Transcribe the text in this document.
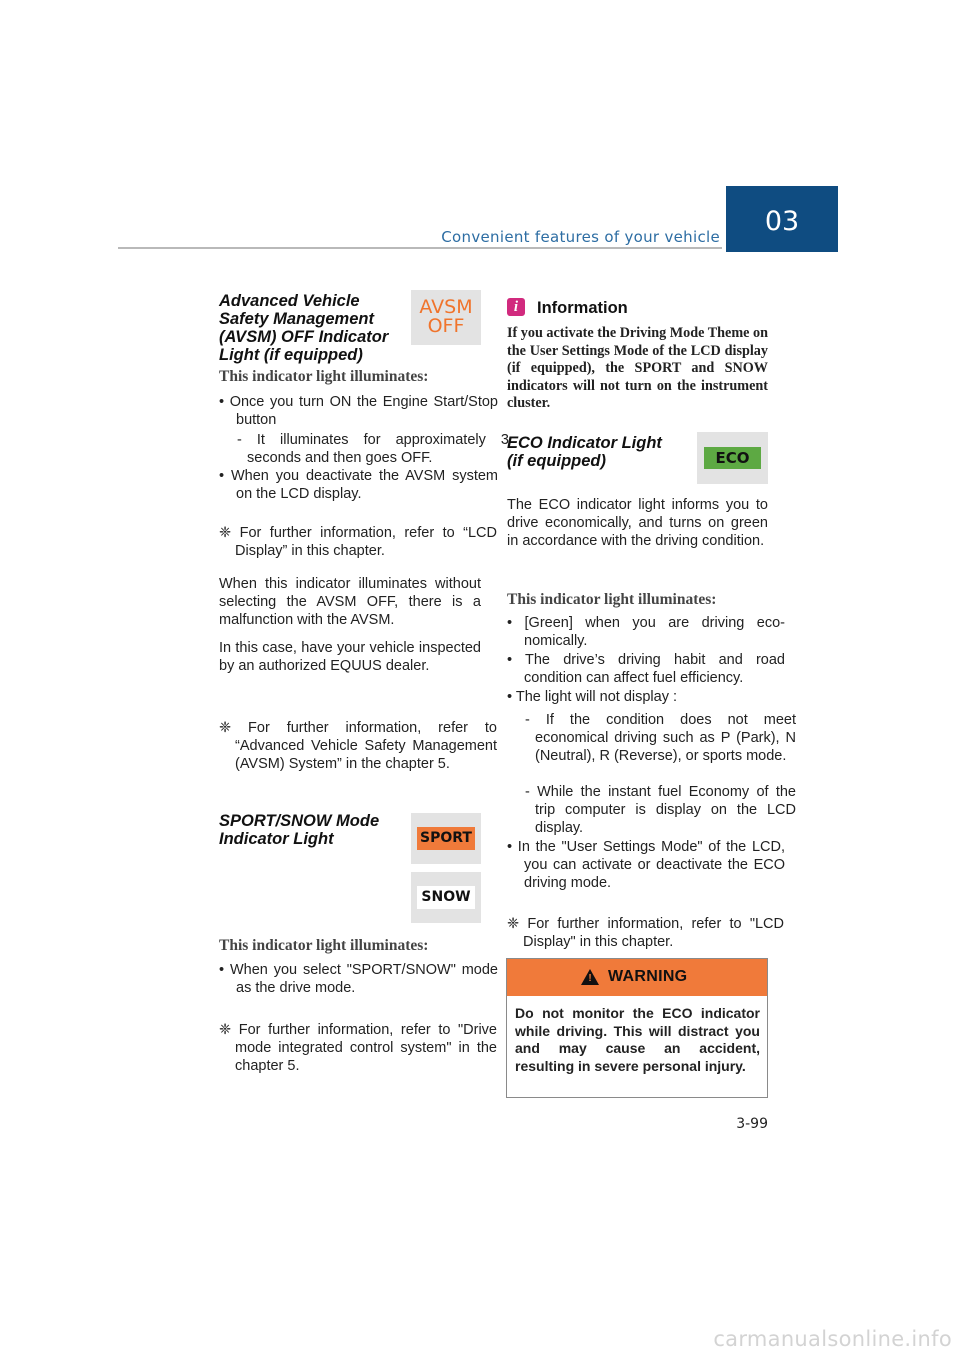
Convenient features of your vehicle	03
Advanced Vehicle
Safety Management
(AVSM) OFF Indicator
Light (if equipped)
AVSM
OFF
This indicator light illuminates:
• Once you turn ON the Engine Start/Stop button
- It illuminates for approximately 3 seconds and then goes OFF.
• When you deactivate the AVSM system on the LCD display.
❈ For further information, refer to “LCD Display” in this chapter.
When this indicator illuminates without selecting the AVSM OFF, there is a malfunction with the AVSM.
In this case, have your vehicle inspected by an authorized EQUUS dealer.
❈ For further information, refer to “Advanced Vehicle Safety Management (AVSM) System” in the chapter 5.
SPORT/SNOW Mode
Indicator Light	SPORT
SNOW
This indicator light illuminates:
• When you select "SPORT/SNOW" mode as the drive mode.
❈ For further information, refer to "Drive mode integrated control system" in the chapter 5.
i	Information
If you activate the Driving Mode Theme on the User Settings Mode of the LCD display (if equipped), the SPORT and SNOW indicators will not turn on the instrument cluster.
ECO Indicator Light
(if equipped)	ECO
The ECO indicator light informs you to drive economically, and turns on green in accordance with the driving condition.
This indicator light illuminates:
• [Green] when you are driving economically.
• The drive’s driving habit and road condition can affect fuel efficiency.
• The light will not display :
- If the condition does not meet economical driving such as P (Park), N (Neutral), R (Reverse), or sports mode.
- While the instant fuel Economy of the trip computer is display on the LCD display.
• In the "User Settings Mode" of the LCD, you can activate or deactivate the ECO driving mode.
❈ For further information, refer to "LCD Display" in this chapter.
! WARNING
Do not monitor the ECO indicator while driving. This will distract you and may cause an accident, resulting in severe personal injury.
3-99
carmanualsonline.info
